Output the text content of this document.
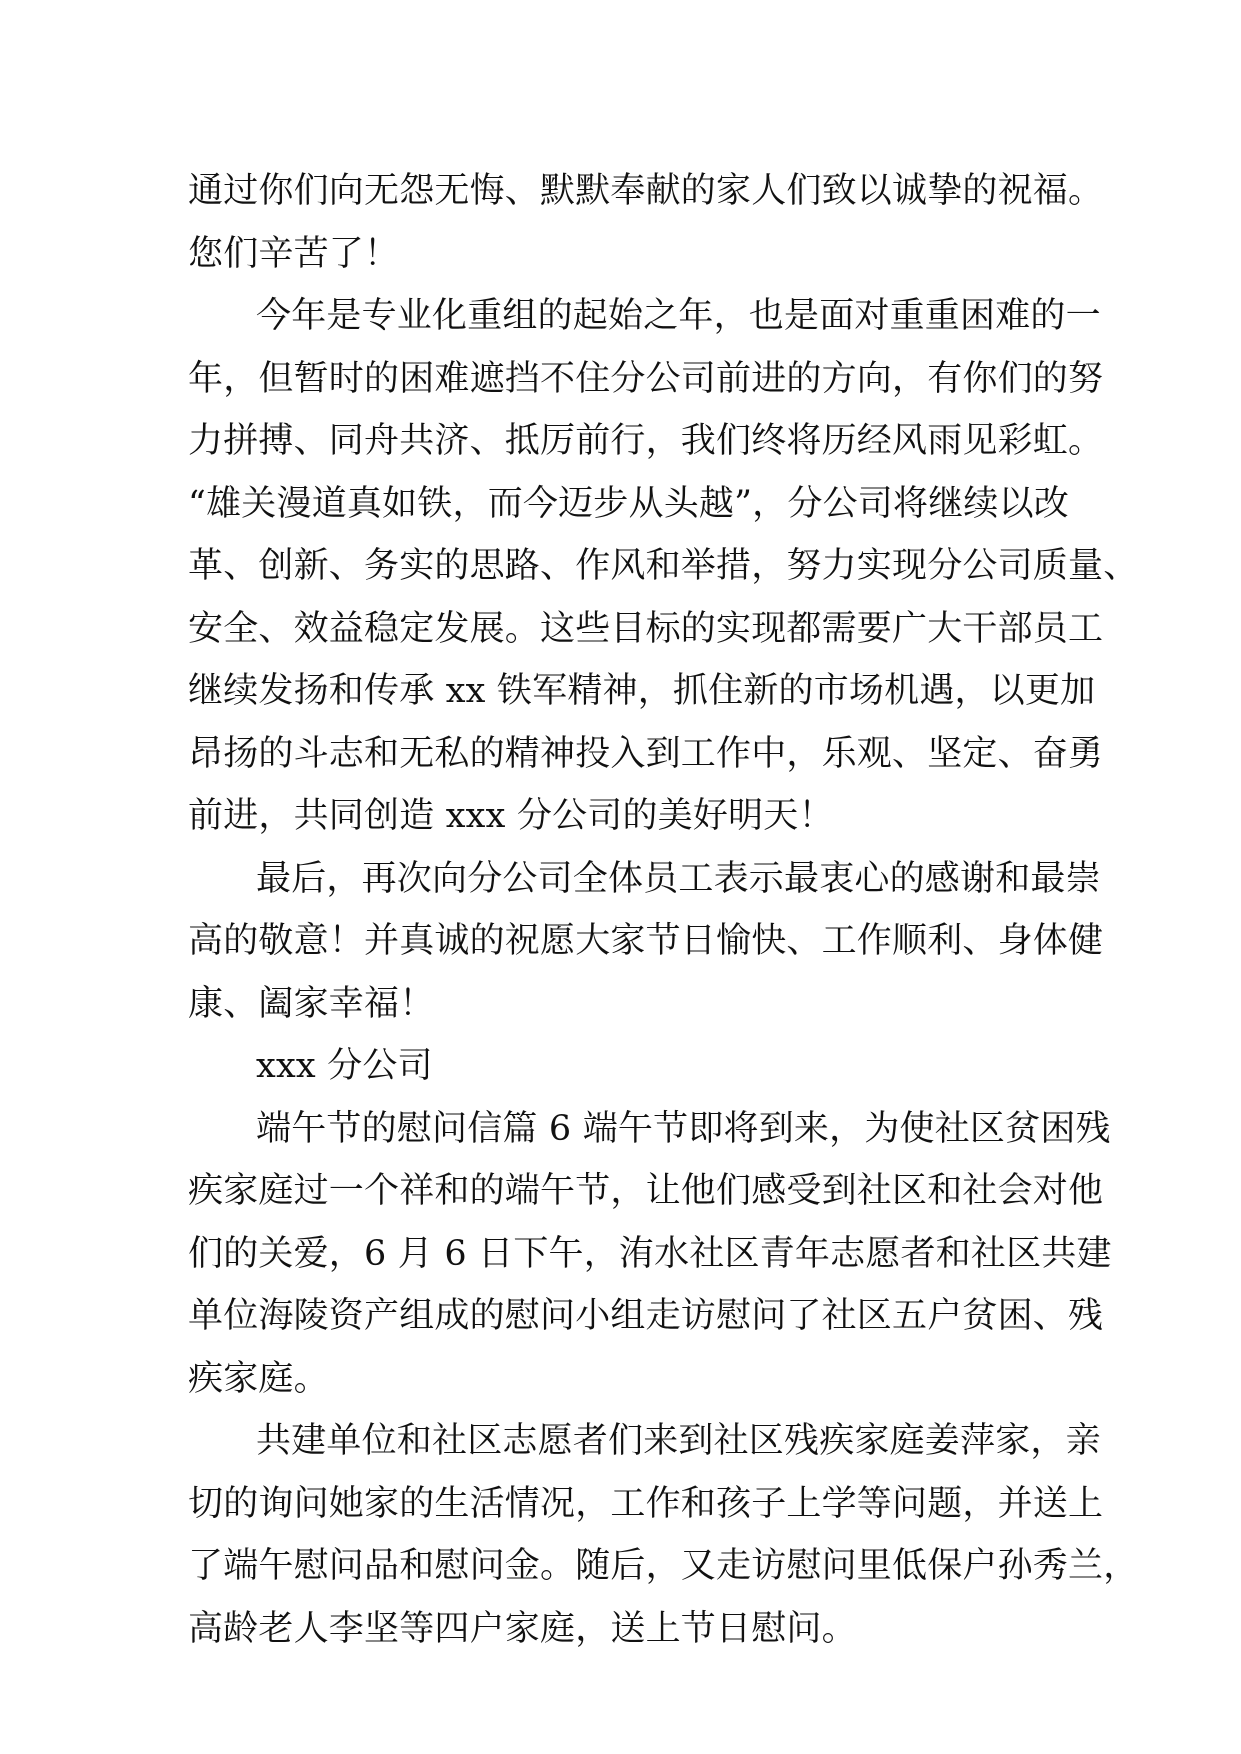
通过你们向无怨无悔、默默奉献的家人们致以诚挚的祝福。
您们辛苦了！
今年是专业化重组的起始之年，也是面对重重困难的一
年，但暂时的困难遮挡不住分公司前进的方向，有你们的努
力拼搏、同舟共济、抵厉前行，我们终将历经风雨见彩虹。
“雄关漫道真如铁，而今迈步从头越”，分公司将继续以改
革、创新、务实的思路、作风和举措，努力实现分公司质量、
安全、效益稳定发展。这些目标的实现都需要广大干部员工
继续发扬和传承 xx 铁军精神，抓住新的市场机遇，以更加
昂扬的斗志和无私的精神投入到工作中，乐观、坚定、奋勇
前进，共同创造 xxx 分公司的美好明天！
最后，再次向分公司全体员工表示最衷心的感谢和最崇
高的敬意！并真诚的祝愿大家节日愉快、工作顺利、身体健
康、阖家幸福！
xxx 分公司
端午节的慰问信篇 6 端午节即将到来，为使社区贫困残
疾家庭过一个祥和的端午节，让他们感受到社区和社会对他
们的关爱，6 月 6 日下午，洧水社区青年志愿者和社区共建
单位海陵资产组成的慰问小组走访慰问了社区五户贫困、残
疾家庭。
共建单位和社区志愿者们来到社区残疾家庭姜萍家，亲
切的询问她家的生活情况，工作和孩子上学等问题，并送上
了端午慰问品和慰问金。随后，又走访慰问里低保户孙秀兰，
高龄老人李坚等四户家庭，送上节日慰问。
